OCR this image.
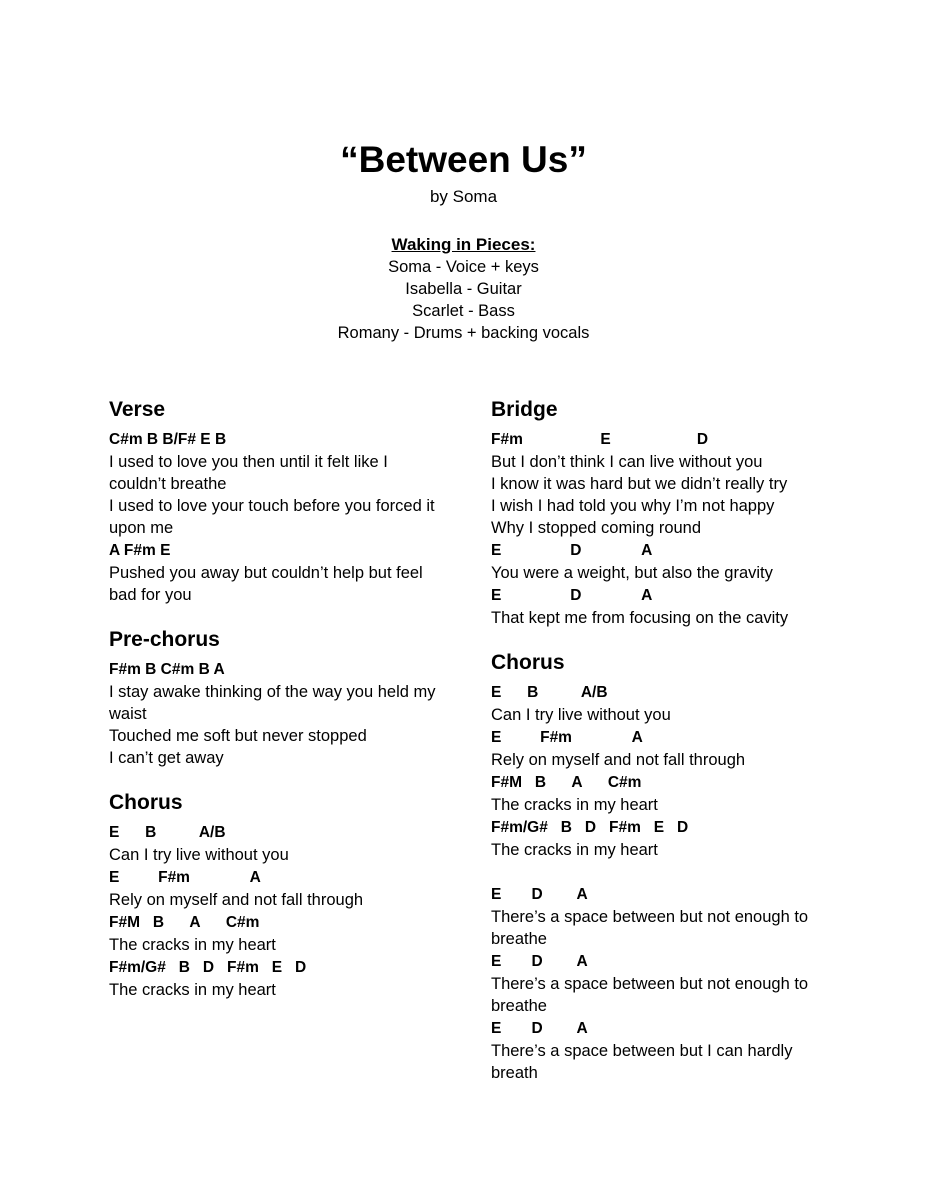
“Between Us”
by Soma
Waking in Pieces:
Soma - Voice + keys
Isabella - Guitar
Scarlet - Bass
Romany - Drums + backing vocals
Verse
C#m B B/F# E B
I used to love you then until it felt like I couldn’t breathe
I used to love your touch before you forced it upon me
A F#m E
Pushed you away but couldn’t help but feel bad for you
Pre-chorus
F#m B C#m B A
I stay awake thinking of the way you held my waist
Touched me soft but never stopped
I can’t get away
Chorus
E      B          A/B
Can I try live without you
E         F#m              A
Rely on myself and not fall through
F#M   B      A      C#m
The cracks in my heart
F#m/G#   B   D   F#m   E   D
The cracks in my heart
Bridge
F#m                  E                    D
But I don’t think I can live without you
I know it was hard but we didn’t really try
I wish I had told you why I’m not happy
Why I stopped coming round
E                D              A
You were a weight, but also the gravity
E                D              A
That kept me from focusing on the cavity
Chorus
E      B          A/B
Can I try live without you
E         F#m              A
Rely on myself and not fall through
F#M   B      A      C#m
The cracks in my heart
F#m/G#   B   D   F#m   E   D
The cracks in my heart
E       D        A
There’s a space between but not enough to breathe
E       D        A
There’s a space between but not enough to breathe
E       D        A
There’s a space between but I can hardly breath
